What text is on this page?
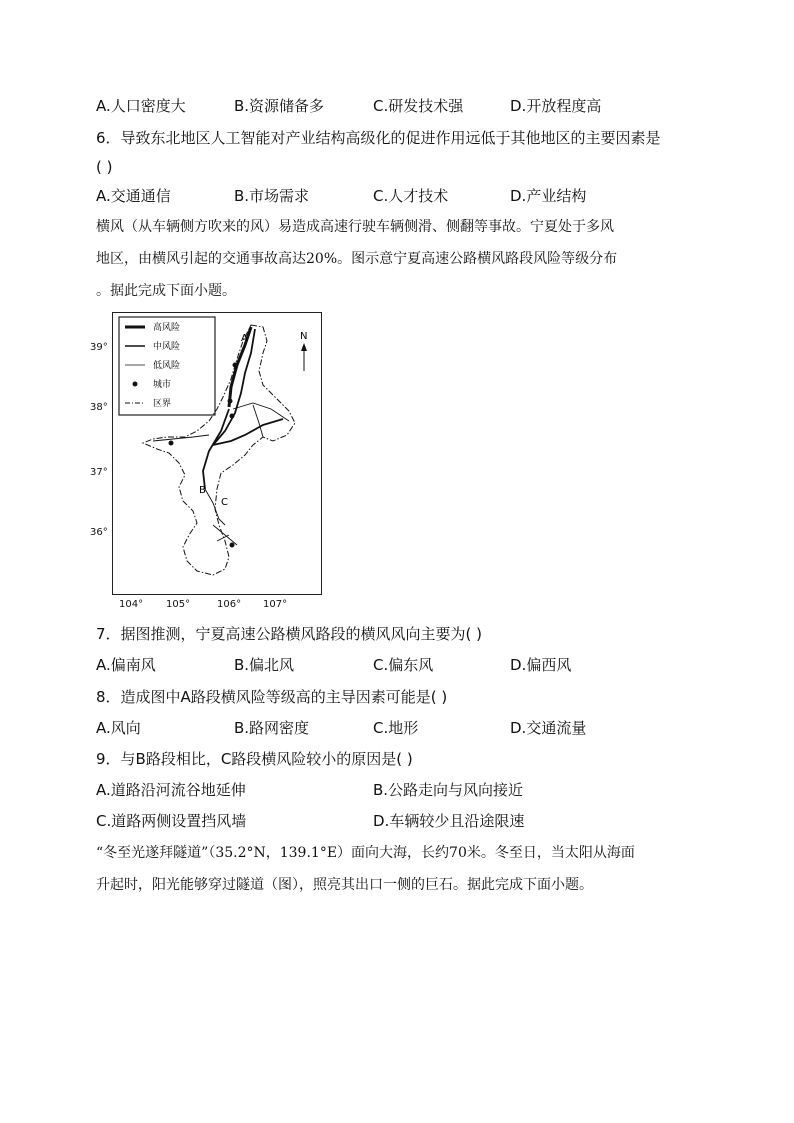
A.人口密度大	B.资源储备多	C.研发技术强	D.开放程度高
6．导致东北地区人工智能对产业结构高级化的促进作用远低于其他地区的主要因素是
( )
A.交通通信	B.市场需求	C.人才技术	D.产业结构
横风（从车辆侧方吹来的风）易造成高速行驶车辆侧滑、侧翻等事故。宁夏处于多风
地区，由横风引起的交通事故高达20%。图示意宁夏高速公路横风路段风险等级分布
。据此完成下面小题。
高风险
中风险
低风险
城市
区界
N
A
B
C
39°
38°
37°
36°
104° 105°	106° 107°
7．据图推测，宁夏高速公路横风路段的横风风向主要为( )
A.偏南风	B.偏北风	C.偏东风	D.偏西风
8．造成图中A路段横风险等级高的主导因素可能是( )
A.风向	B.路网密度	C.地形	D.交通流量
9．与B路段相比，C路段横风险较小的原因是( )
A.道路沿河流谷地延伸	B.公路走向与风向接近
C.道路两侧设置挡风墙	D.车辆较少且沿途限速
“冬至光遂拜隧道”（35.2°N，139.1°E）面向大海，长约70米。冬至日，当太阳从海面
升起时，阳光能够穿过隧道（图），照亮其出口一侧的巨石。据此完成下面小题。
